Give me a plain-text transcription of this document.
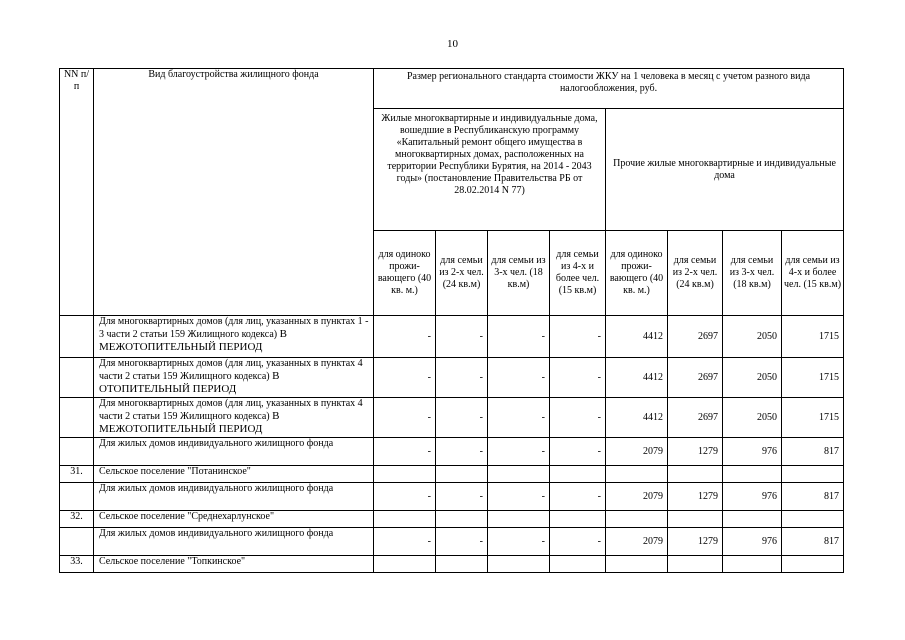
10
NN п/п	Вид благоустройства жилищного фонда	Размер регионального стандарта стоимости ЖКУ на 1 человека в месяц с учетом разного вида налогообложения, руб.							
		Жилые многоквартирные и индивидуальные дома, вошедшие в Республиканскую программу «Капитальный ремонт общего имущества в многоквартирных домах, расположенных на территории Республики Бурятия, на 2014 - 2043 годы» (постановление Правительства РБ от 28.02.2014 N 77)				Прочие жилые многоквартирные и индивидуальные дома			
		для одиноко прожи- вающего (40 кв. м.)	для семьи из 2-х чел. (24 кв.м)	для семьи из 3-х чел. (18 кв.м)	для семьи из 4-х и более чел. (15 кв.м)	для одиноко прожи- вающего (40 кв. м.)	для семьи из 2-х чел. (24 кв.м)	для семьи из 3-х чел. (18 кв.м)	для семьи из 4-х и более чел. (15 кв.м)
	Для многоквартирных домов (для лиц, указанных в пунктах 1 - 3 части 2 статьи 159 Жилищного кодекса) В МЕЖОТОПИТЕЛЬНЫЙ ПЕРИОД	-	-	-	-	4412	2697	2050	1715
	Для многоквартирных домов (для лиц, указанных в пунктах 4 части 2 статьи 159 Жилищного кодекса) В ОТОПИТЕЛЬНЫЙ ПЕРИОД	-	-	-	-	4412	2697	2050	1715
	Для многоквартирных домов (для лиц, указанных в пунктах 4 части 2 статьи 159 Жилищного кодекса) В МЕЖОТОПИТЕЛЬНЫЙ ПЕРИОД	-	-	-	-	4412	2697	2050	1715
	Для жилых домов индивидуального жилищного фонда	-	-	-	-	2079	1279	976	817
31.	Сельское поселение "Потанинское"								
	Для жилых домов индивидуального жилищного фонда	-	-	-	-	2079	1279	976	817
32.	Сельское поселение "Среднехарлунское"								
	Для жилых домов индивидуального жилищного фонда	-	-	-	-	2079	1279	976	817
33.	Сельское поселение "Топкинское"								
